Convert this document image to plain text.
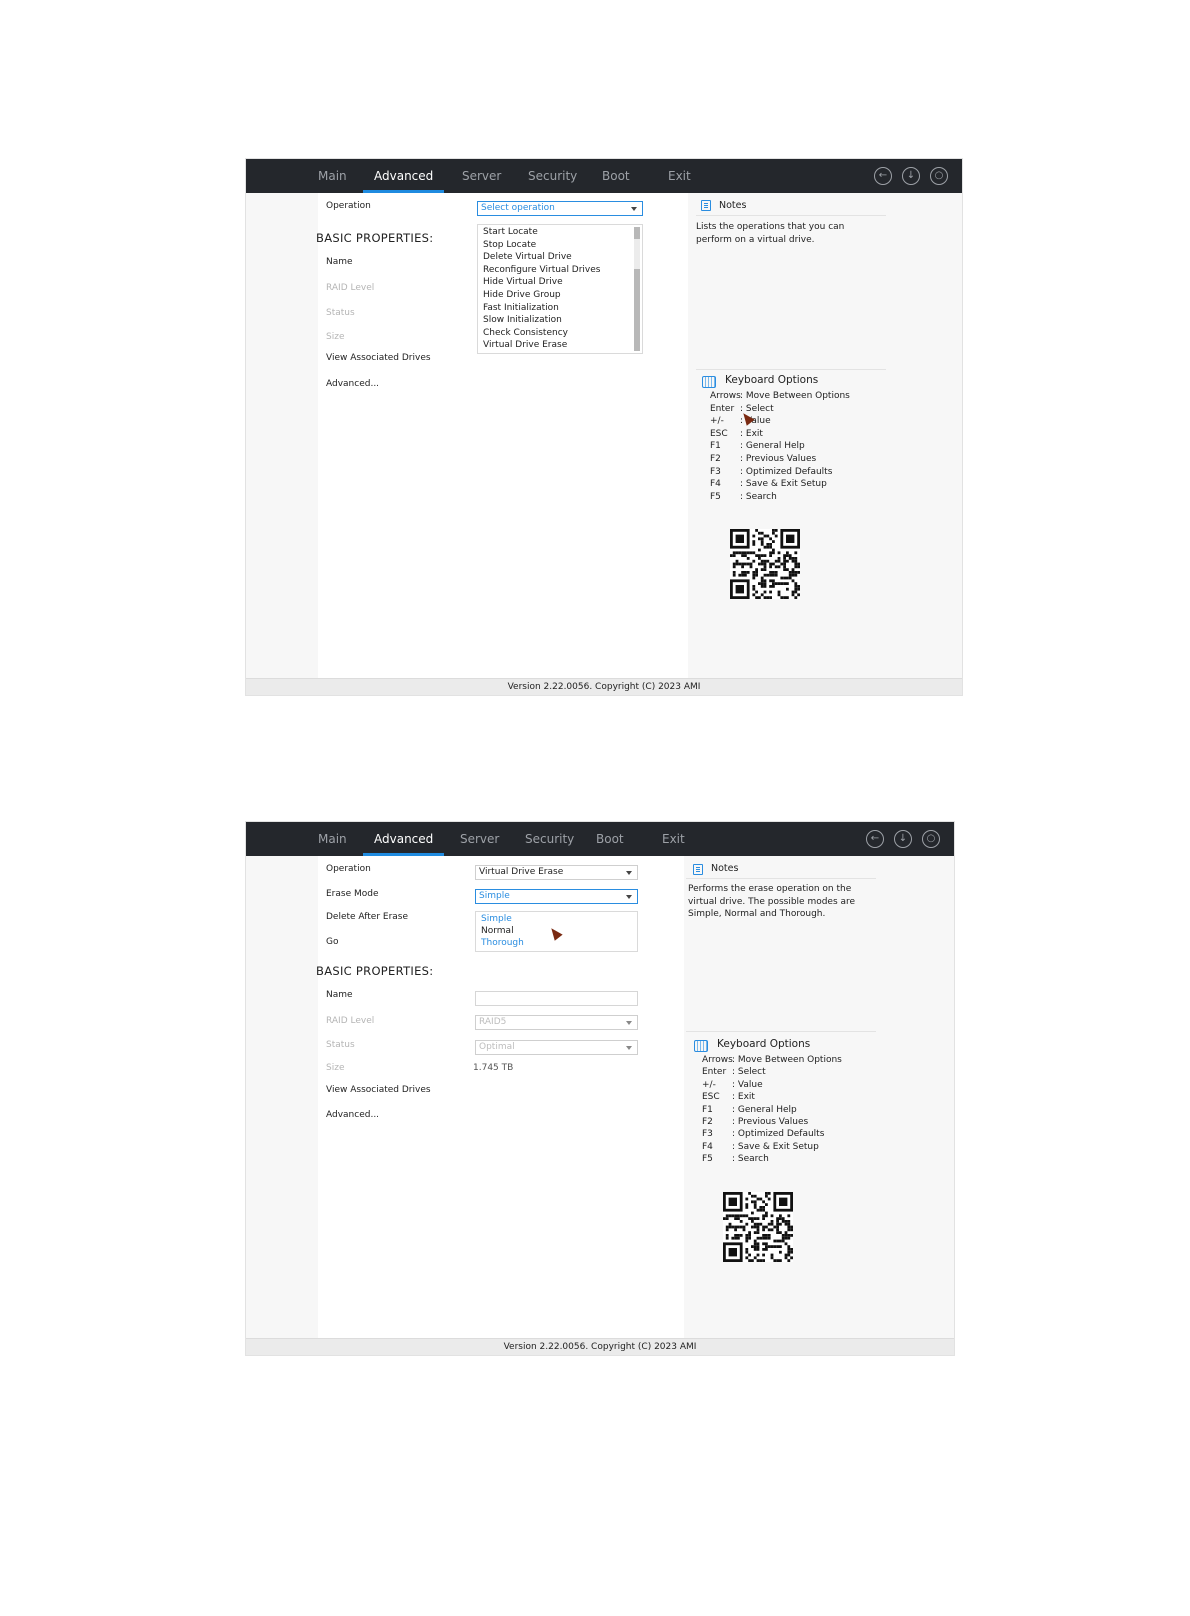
Main Advanced Server Security Boot	Exit	←	↓	○
Operation	Select operation
Start Locate
Stop Locate
Delete Virtual Drive
Reconfigure Virtual Drives
Hide Virtual Drive
Hide Drive Group
Fast Initialization
Slow Initialization
Check Consistency
Virtual Drive Erase
BASIC PROPERTIES:
Name
RAID Level
Status
Size
View Associated Drives
Advanced...
Notes
Lists the operations that you can perform on a virtual drive.
Keyboard Options
Arrows : Move Between Options
Enter : Select
+/- : Value
ESC : Exit
F1 : General Help
F2 : Previous Values
F3 : Optimized Defaults
F4 : Save & Exit Setup
F5 : Search
Version 2.22.0056. Copyright (C) 2023 AMI
Main Advanced Server Security Boot	Exit	←	↓	○
Operation	Virtual Drive Erase
Erase Mode	Simple
Simple
Normal
Thorough
Delete After Erase
Go
BASIC PROPERTIES:
Name
RAID Level	RAID5
Status	Optimal
Size	1.745 TB
View Associated Drives
Advanced...
Notes
Performs the erase operation on the virtual drive. The possible modes are Simple, Normal and Thorough.
Keyboard Options
Arrows : Move Between Options
Enter : Select
+/- : Value
ESC : Exit
F1 : General Help
F2 : Previous Values
F3 : Optimized Defaults
F4 : Save & Exit Setup
F5 : Search
Version 2.22.0056. Copyright (C) 2023 AMI
